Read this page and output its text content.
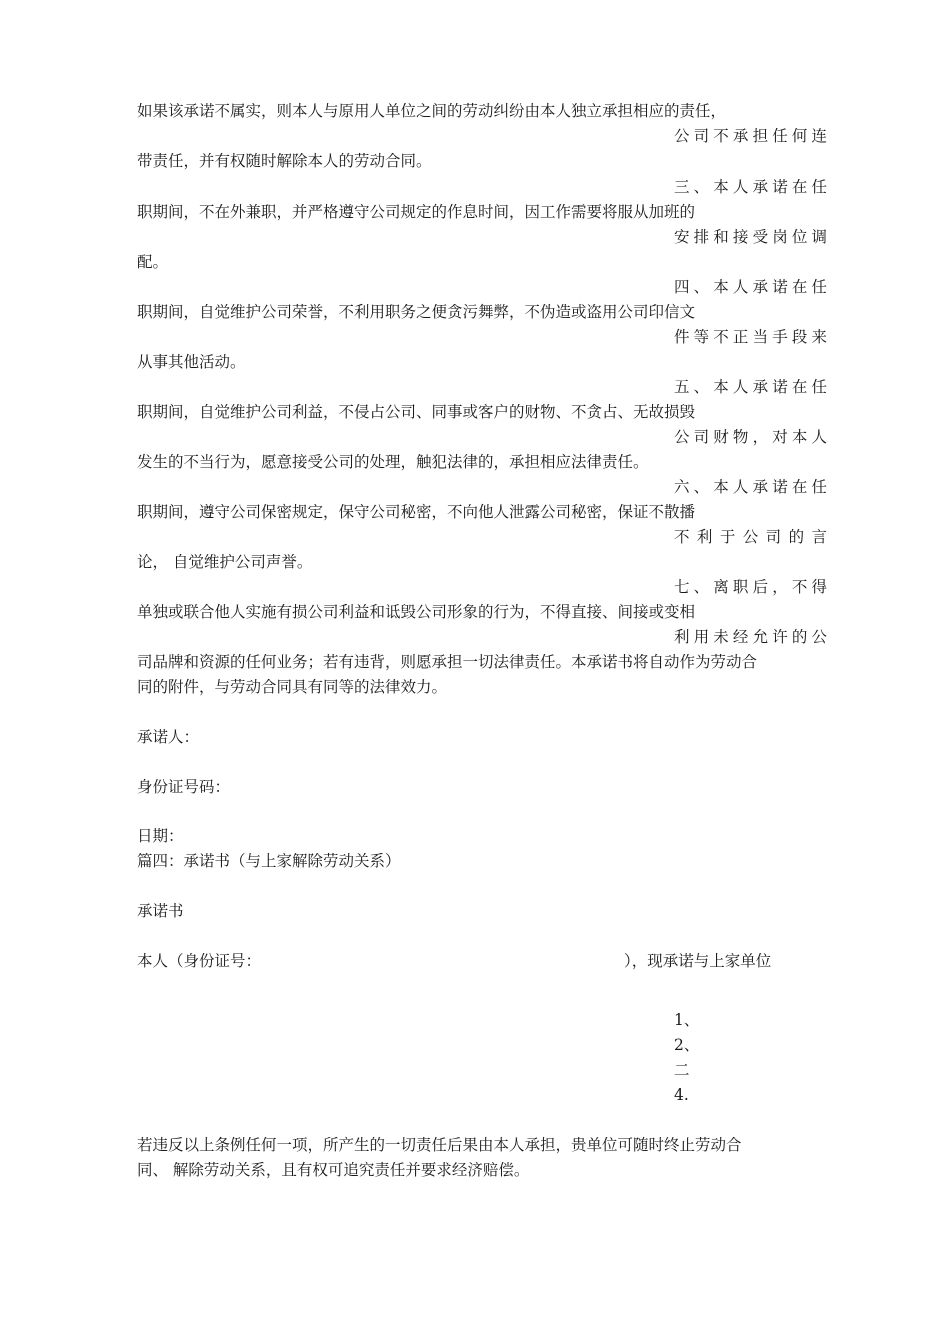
如果该承诺不属实，则本人与原用人单位之间的劳动纠纷由本人独立承担相应的责任，

公司不承担任何连

带责任，并有权随时解除本人的劳动合同。

三、本人承诺在任

职期间，不在外兼职，并严格遵守公司规定的作息时间，因工作需要将服从加班的

安排和接受岗位调

配。

四、本人承诺在任

职期间，自觉维护公司荣誉，不利用职务之便贪污舞弊，不伪造或盗用公司印信文

件等不正当手段来

从事其他活动。

五、本人承诺在任

职期间，自觉维护公司利益，不侵占公司、同事或客户的财物、不贪占、无故损毁

公司财物，对本人

发生的不当行为，愿意接受公司的处理，触犯法律的，承担相应法律责任。

六、本人承诺在任

职期间，遵守公司保密规定，保守公司秘密，不向他人泄露公司秘密，保证不散播

不利于公司的言

论， 自觉维护公司声誉。

七、离职后，不得

单独或联合他人实施有损公司利益和诋毁公司形象的行为，不得直接、间接或变相

利用未经允许的公

司品牌和资源的任何业务；若有违背，则愿承担一切法律责任。本承诺书将自动作为劳动合

同的附件，与劳动合同具有同等的法律效力。

承诺人：

身份证号码：

日期：

篇四：承诺书（与上家解除劳动关系）

承诺书

本人（身份证号：	），现承诺与上家单位

1、

2、

二

4.

若违反以上条例任何一项，所产生的一切责任后果由本人承担，贵单位可随时终止劳动合

同、 解除劳动关系，且有权可追究责任并要求经济赔偿。
